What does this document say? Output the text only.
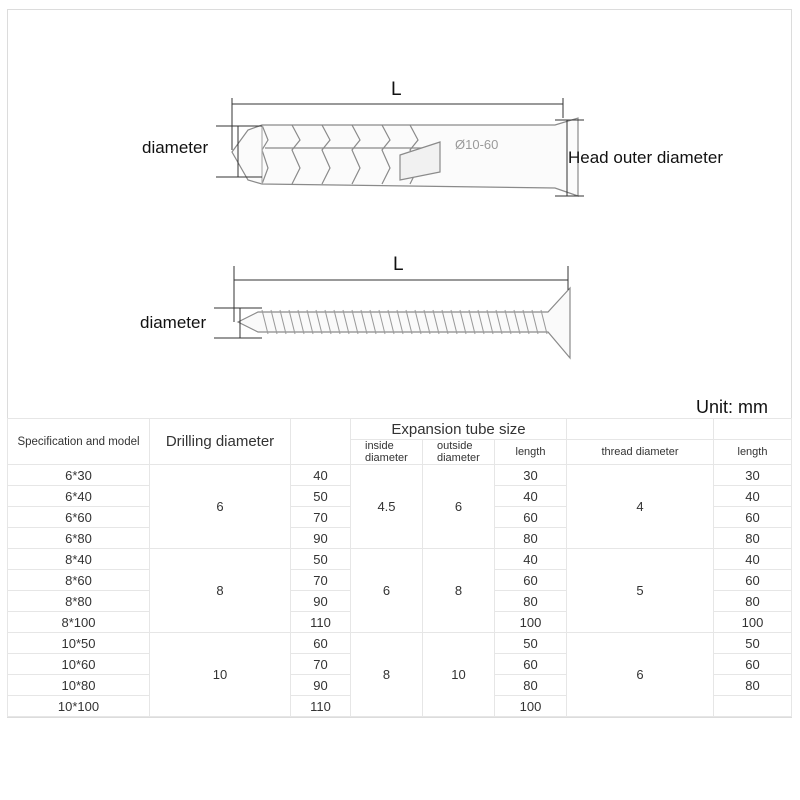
Ø10-60
L
diameter
Head outer diameter
L
diameter
Unit: mm
Specification and model	Drilling diameter		Expansion tube size				
			inside diameter	outside diameter	length	thread diameter	length
6*30	6	40	4.5	6	30	4	30
6*40		50			40		40
6*60		70			60		60
6*80		90			80		80
8*40	8	50	6	8	40	5	40
8*60		70			60		60
8*80		90			80		80
8*100		110			100		100
10*50	10	60	8	10	50	6	50
10*60		70			60		60
10*80		90			80		80
10*100		110			100		
